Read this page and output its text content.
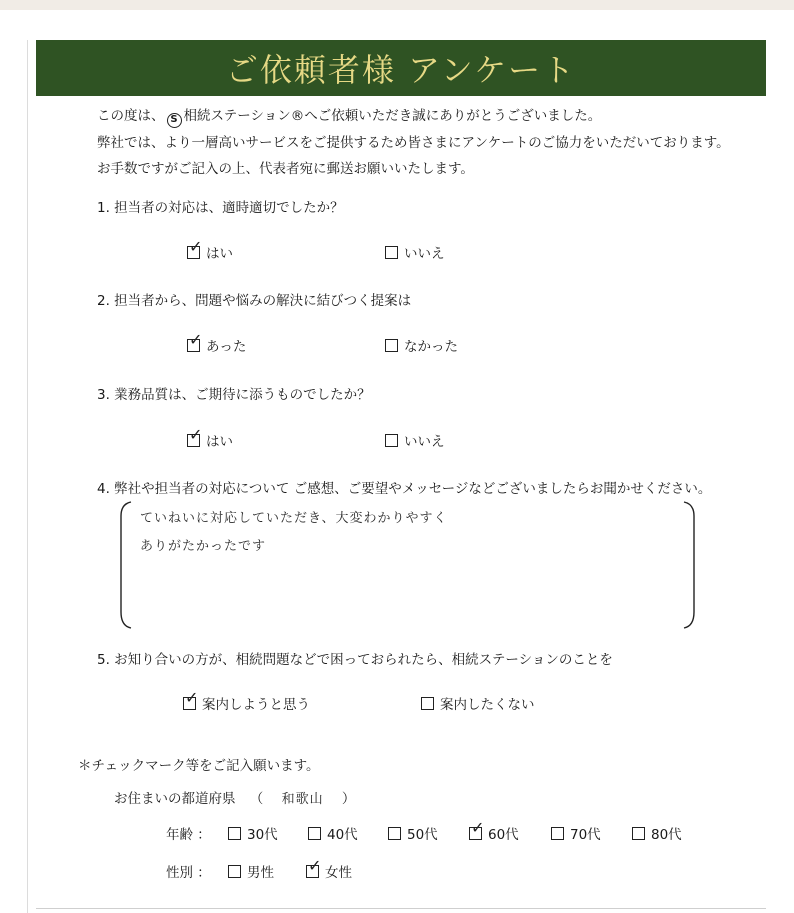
ご依頼者様 アンケート
この度は、 S 相続ステーション®へご依頼いただき誠にありがとうございました。
弊社では、より一層高いサービスをご提供するため皆さまにアンケートのご協力をいただいております。
お手数ですがご記入の上、代表者宛に郵送お願いいたします。
1. 担当者の対応は、適時適切でしたか？
✓ はい	いいえ
2. 担当者から、問題や悩みの解決に結びつく提案は
✓ あった	なかった
3. 業務品質は、ご期待に添うものでしたか？
✓ はい	いいえ
4. 弊社や担当者の対応について ご感想、ご要望やメッセージなどございましたらお聞かせください。
ていねいに対応していただき、大変わかりやすく
ありがたかったです
5. お知り合いの方が、相続問題などで困っておられたら、相続ステーションのことを
✓ 案内しようと思う	案内したくない
＊チェックマーク等をご記入願います。
お住まいの都道府県 （ 和歌山 ）
年齢 ：	30代	40代	50代 ✓ 60代	70代	80代
性別 ：	男性 ✓ 女性
